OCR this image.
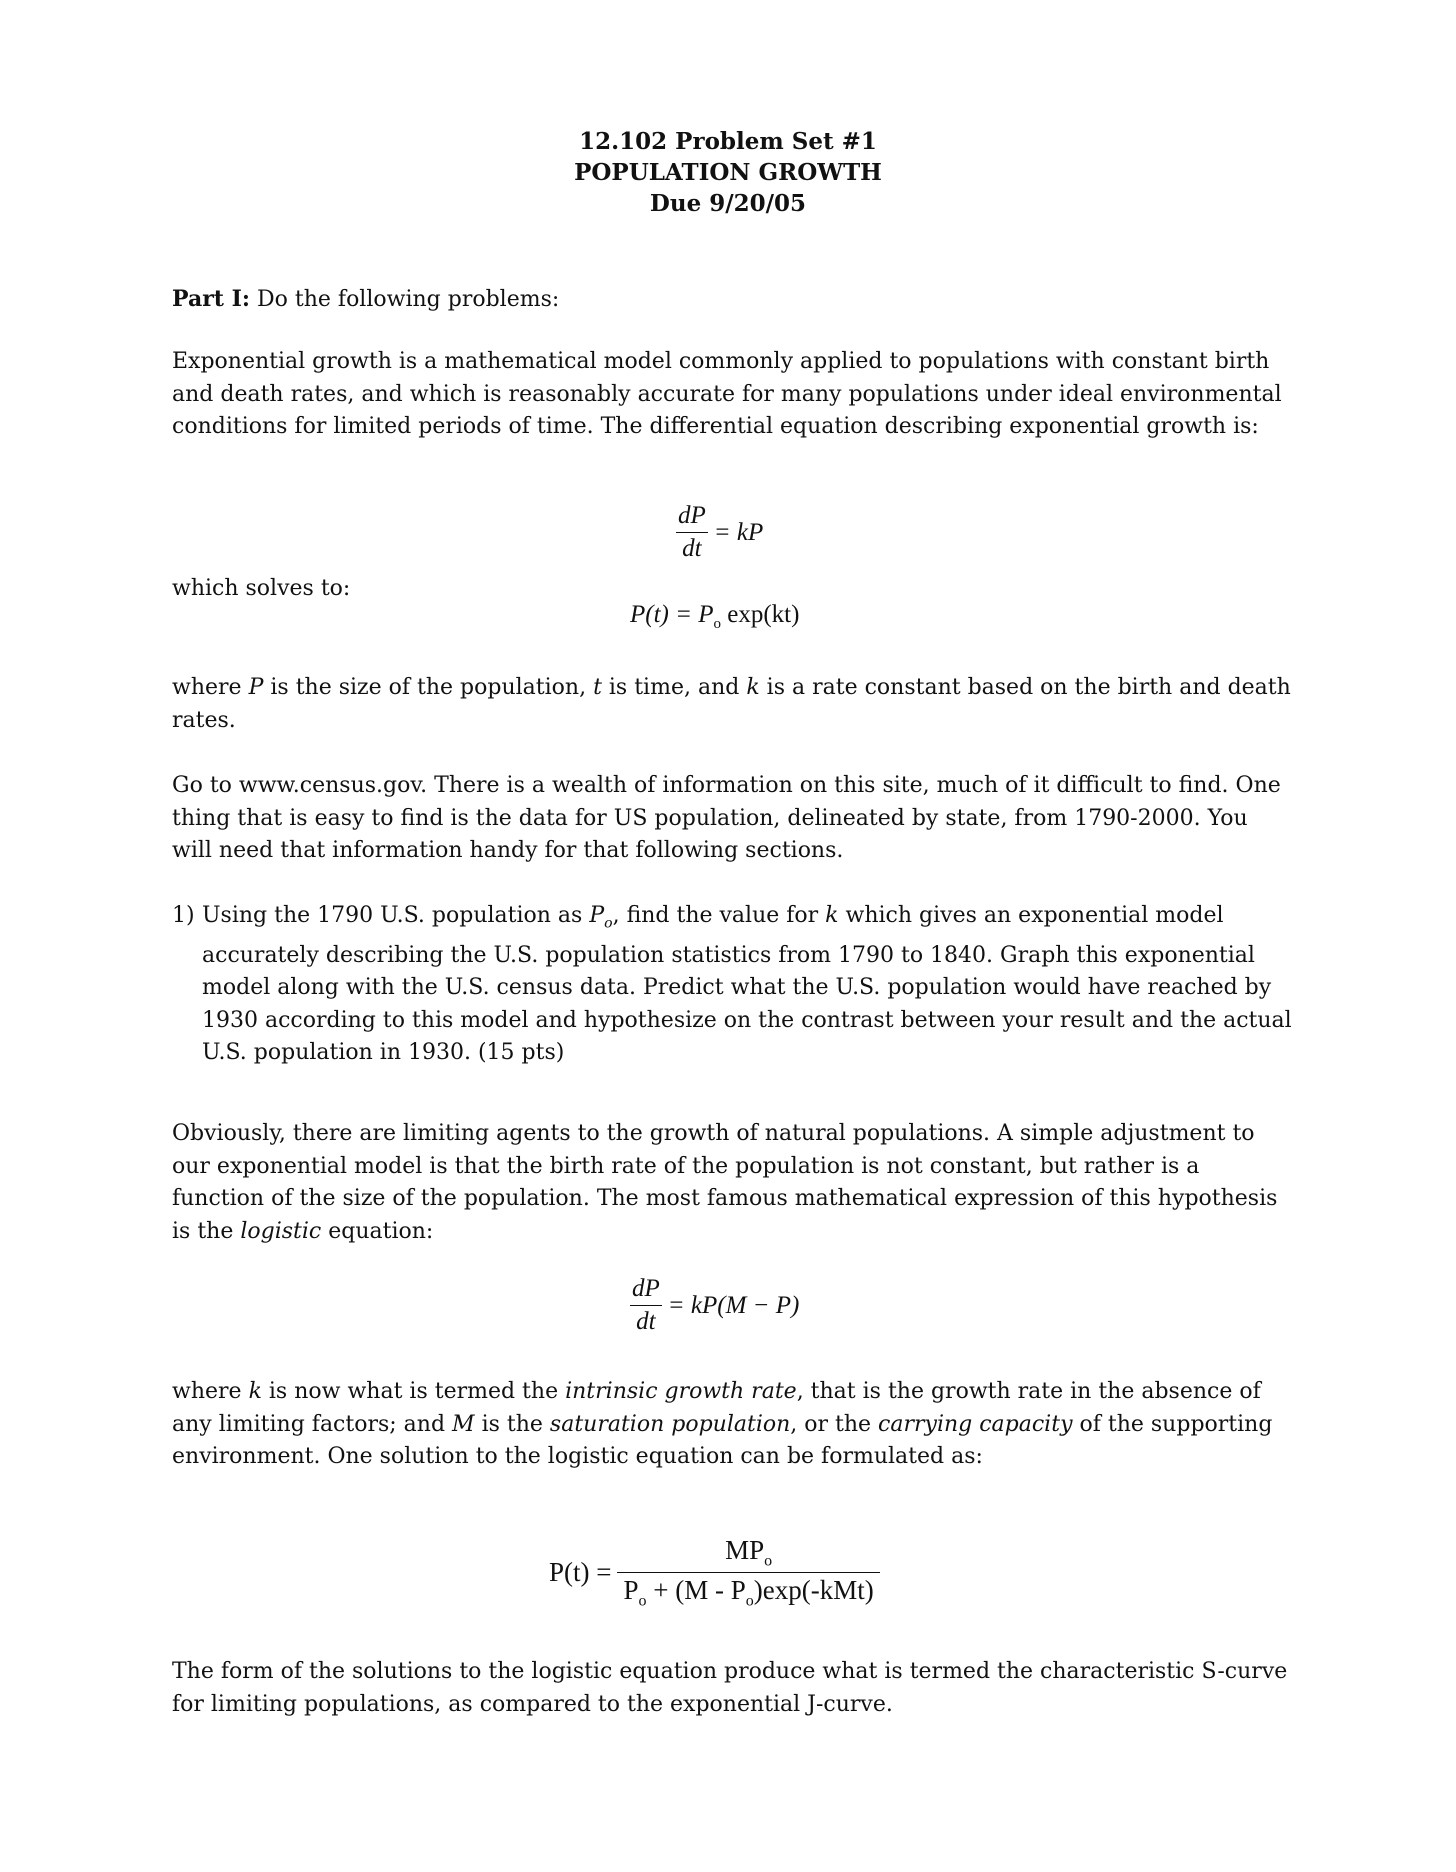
12.102 Problem Set #1
POPULATION GROWTH
Due 9/20/05
Part I: Do the following problems:
Exponential growth is a mathematical model commonly applied to populations with constant birth and death rates, and which is reasonably accurate for many populations under ideal environmental conditions for limited periods of time. The differential equation describing exponential growth is:
$\frac{dP}{dt}$ = kP
which solves to:
$P(t) = P_o$ exp(kt)
where P is the size of the population, t is time, and k is a rate constant based on the birth and death rates.
Go to www.census.gov. There is a wealth of information on this site, much of it difficult to find. One thing that is easy to find is the data for US population, delineated by state, from 1790-2000. You will need that information handy for that following sections.
1) Using the 1790 U.S. population as $P_o$, find the value for k which gives an exponential model accurately describing the U.S. population statistics from 1790 to 1840. Graph this exponential model along with the U.S. census data. Predict what the U.S. population would have reached by 1930 according to this model and hypothesize on the contrast between your result and the actual U.S. population in 1930. (15 pts)
Obviously, there are limiting agents to the growth of natural populations. A simple adjustment to our exponential model is that the birth rate of the population is not constant, but rather is a function of the size of the population. The most famous mathematical expression of this hypothesis is the logistic equation:
$\frac{dP}{dt} = kP(M - P)$
where k is now what is termed the intrinsic growth rate, that is the growth rate in the absence of any limiting factors; and M is the saturation population, or the carrying capacity of the supporting environment. One solution to the logistic equation can be formulated as:
$P(t) = \frac{MP_o}{P_o + (M - P_o)\exp(-kMt)}$
The form of the solutions to the logistic equation produce what is termed the characteristic S-curve for limiting populations, as compared to the exponential J-curve.
